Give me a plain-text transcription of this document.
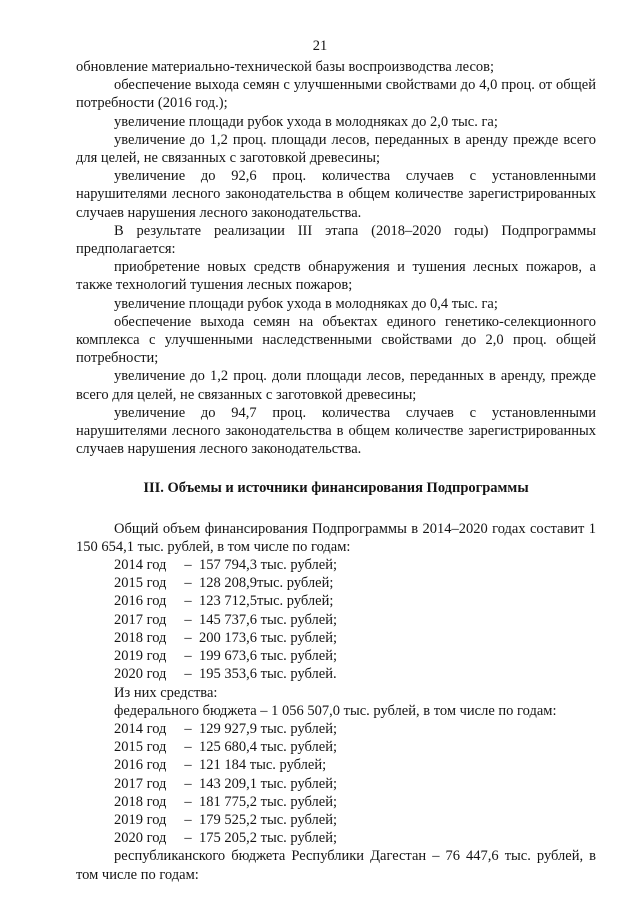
21

обновление материально-технической базы воспроизводства лесов;

обеспечение выхода семян с улучшенными свойствами до 4,0 проц. от общей потребности (2016 год.);

увеличение площади рубок ухода в молодняках до 2,0 тыс. га;

увеличение до 1,2 проц. площади лесов, переданных в аренду прежде всего для целей, не связанных с заготовкой древесины;

увеличение до 92,6 проц. количества случаев с установленными нарушителями лесного законодательства в общем количестве зарегистрированных случаев нарушения лесного законодательства.

В результате реализации III этапа (2018–2020 годы) Подпрограммы предполагается:

приобретение новых средств обнаружения и тушения лесных пожаров, а также технологий тушения лесных пожаров;

увеличение площади рубок ухода в молодняках до 0,4 тыс. га;

обеспечение выхода семян на объектах единого генетико-селекционного комплекса с улучшенными наследственными свойствами до 2,0 проц. общей потребности;

увеличение до 1,2 проц. доли площади лесов, переданных в аренду, прежде всего для целей, не связанных с заготовкой древесины;

увеличение до 94,7 проц. количества случаев с установленными нарушителями лесного законодательства в общем количестве зарегистрированных случаев нарушения лесного законодательства.

III. Объемы и источники финансирования Подпрограммы

Общий объем финансирования Подпрограммы в 2014–2020 годах составит 1 150 654,1 тыс. рублей, в том числе по годам:

2014 год	– 157 794,3 тыс. рублей;
2015 год	– 128 208,9тыс. рублей;
2016 год	– 123 712,5тыс. рублей;
2017 год	– 145 737,6 тыс. рублей;
2018 год	– 200 173,6 тыс. рублей;
2019 год	– 199 673,6 тыс. рублей;
2020 год	– 195 353,6 тыс. рублей.

Из них средства:

федерального бюджета – 1 056 507,0 тыс. рублей, в том числе по годам:

2014 год	– 129 927,9 тыс. рублей;
2015 год	– 125 680,4 тыс. рублей;
2016 год	– 121 184 тыс. рублей;
2017 год	– 143 209,1 тыс. рублей;
2018 год	– 181 775,2 тыс. рублей;
2019 год	– 179 525,2 тыс. рублей;
2020 год	– 175 205,2 тыс. рублей;

республиканского бюджета Республики Дагестан – 76 447,6 тыс. рублей, в том числе по годам:
